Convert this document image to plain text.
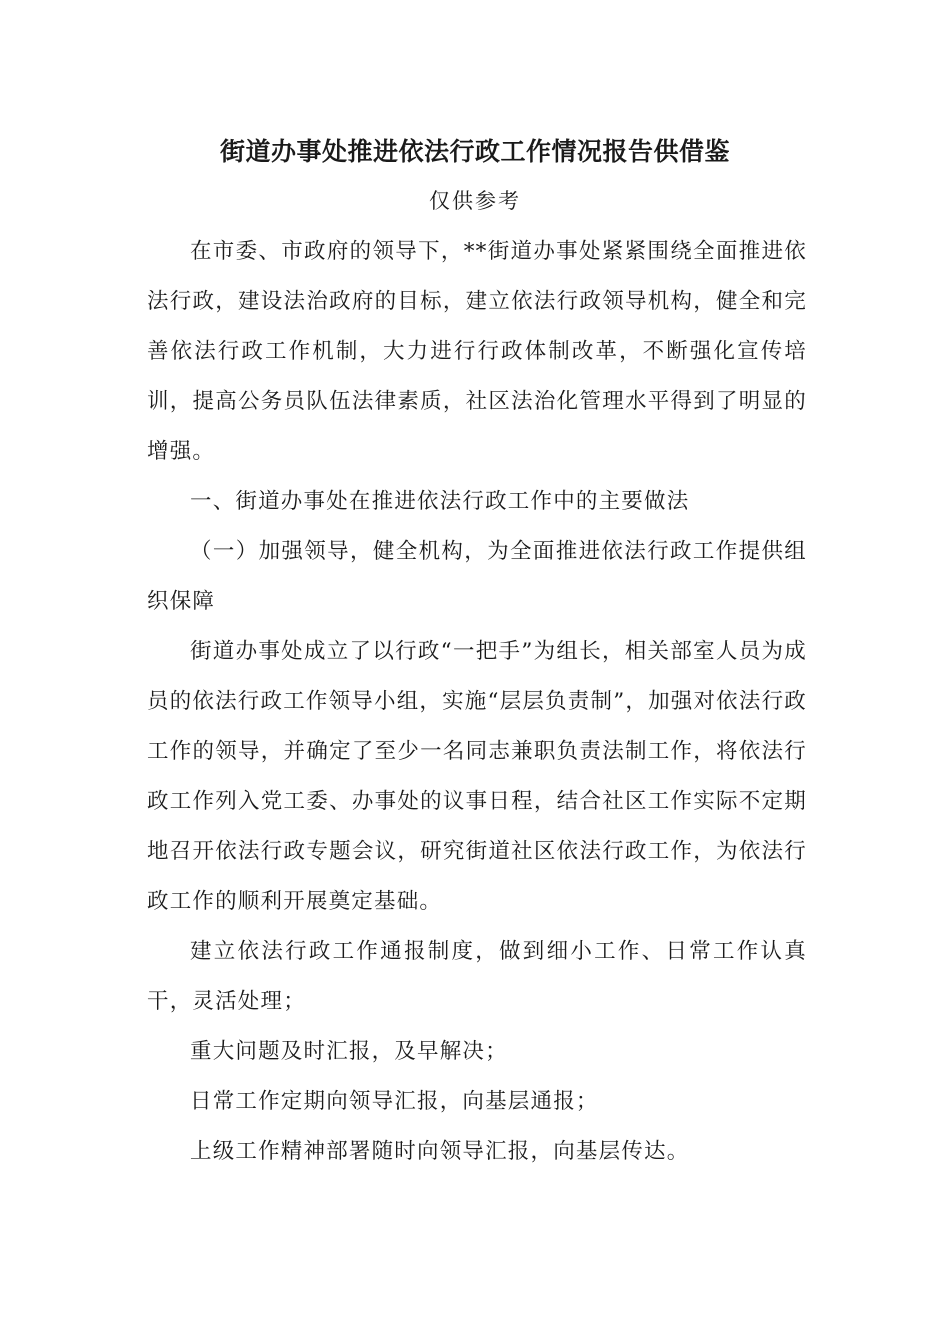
街道办事处推进依法行政工作情况报告供借鉴
仅供参考

在市委、市政府的领导下，**街道办事处紧紧围绕全面推进依法行政，建设法治政府的目标，建立依法行政领导机构，健全和完善依法行政工作机制，大力进行行政体制改革，不断强化宣传培训，提高公务员队伍法律素质，社区法治化管理水平得到了明显的增强。

一、街道办事处在推进依法行政工作中的主要做法

（一）加强领导，健全机构，为全面推进依法行政工作提供组织保障

街道办事处成立了以行政“一把手”为组长，相关部室人员为成员的依法行政工作领导小组，实施“层层负责制”，加强对依法行政工作的领导，并确定了至少一名同志兼职负责法制工作，将依法行政工作列入党工委、办事处的议事日程，结合社区工作实际不定期地召开依法行政专题会议，研究街道社区依法行政工作，为依法行政工作的顺利开展奠定基础。

建立依法行政工作通报制度，做到细小工作、日常工作认真干，灵活处理；

重大问题及时汇报，及早解决；

日常工作定期向领导汇报，向基层通报；

上级工作精神部署随时向领导汇报，向基层传达。
